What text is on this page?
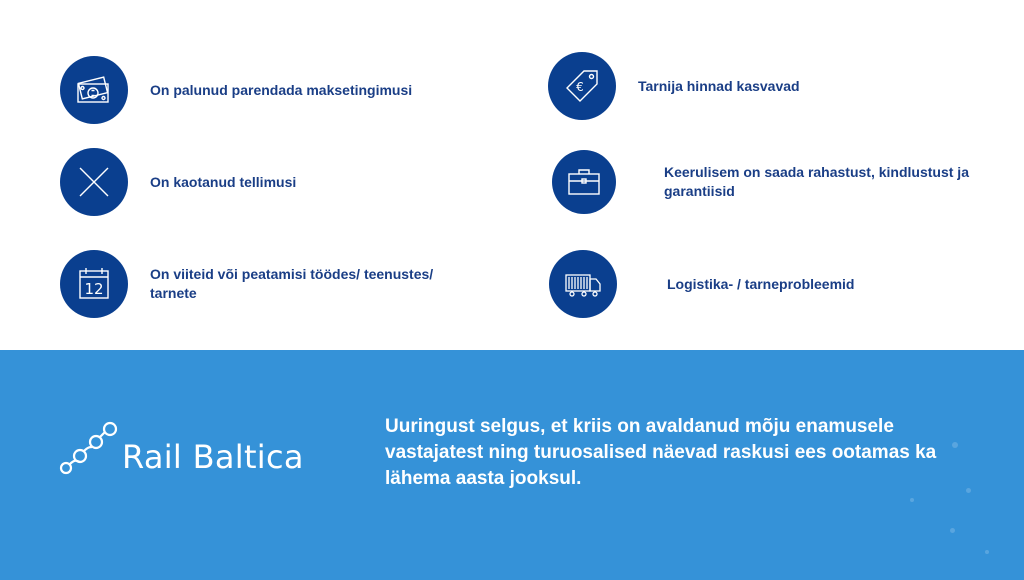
On palunud parendada maksetingimusi
On kaotanud tellimusi
12
On viiteid või peatamisi töödes/ teenustes/ tarnete
€	Tarnija hinnad kasvavad
Keerulisem on saada rahastust, kindlustust ja garantiisid
Logistika- / tarneprobleemid
Rail Baltica
Uuringust selgus, et kriis on avaldanud mõju enamusele vastajatest ning turuosalised näevad raskusi ees ootamas ka lähema aasta jooksul.
